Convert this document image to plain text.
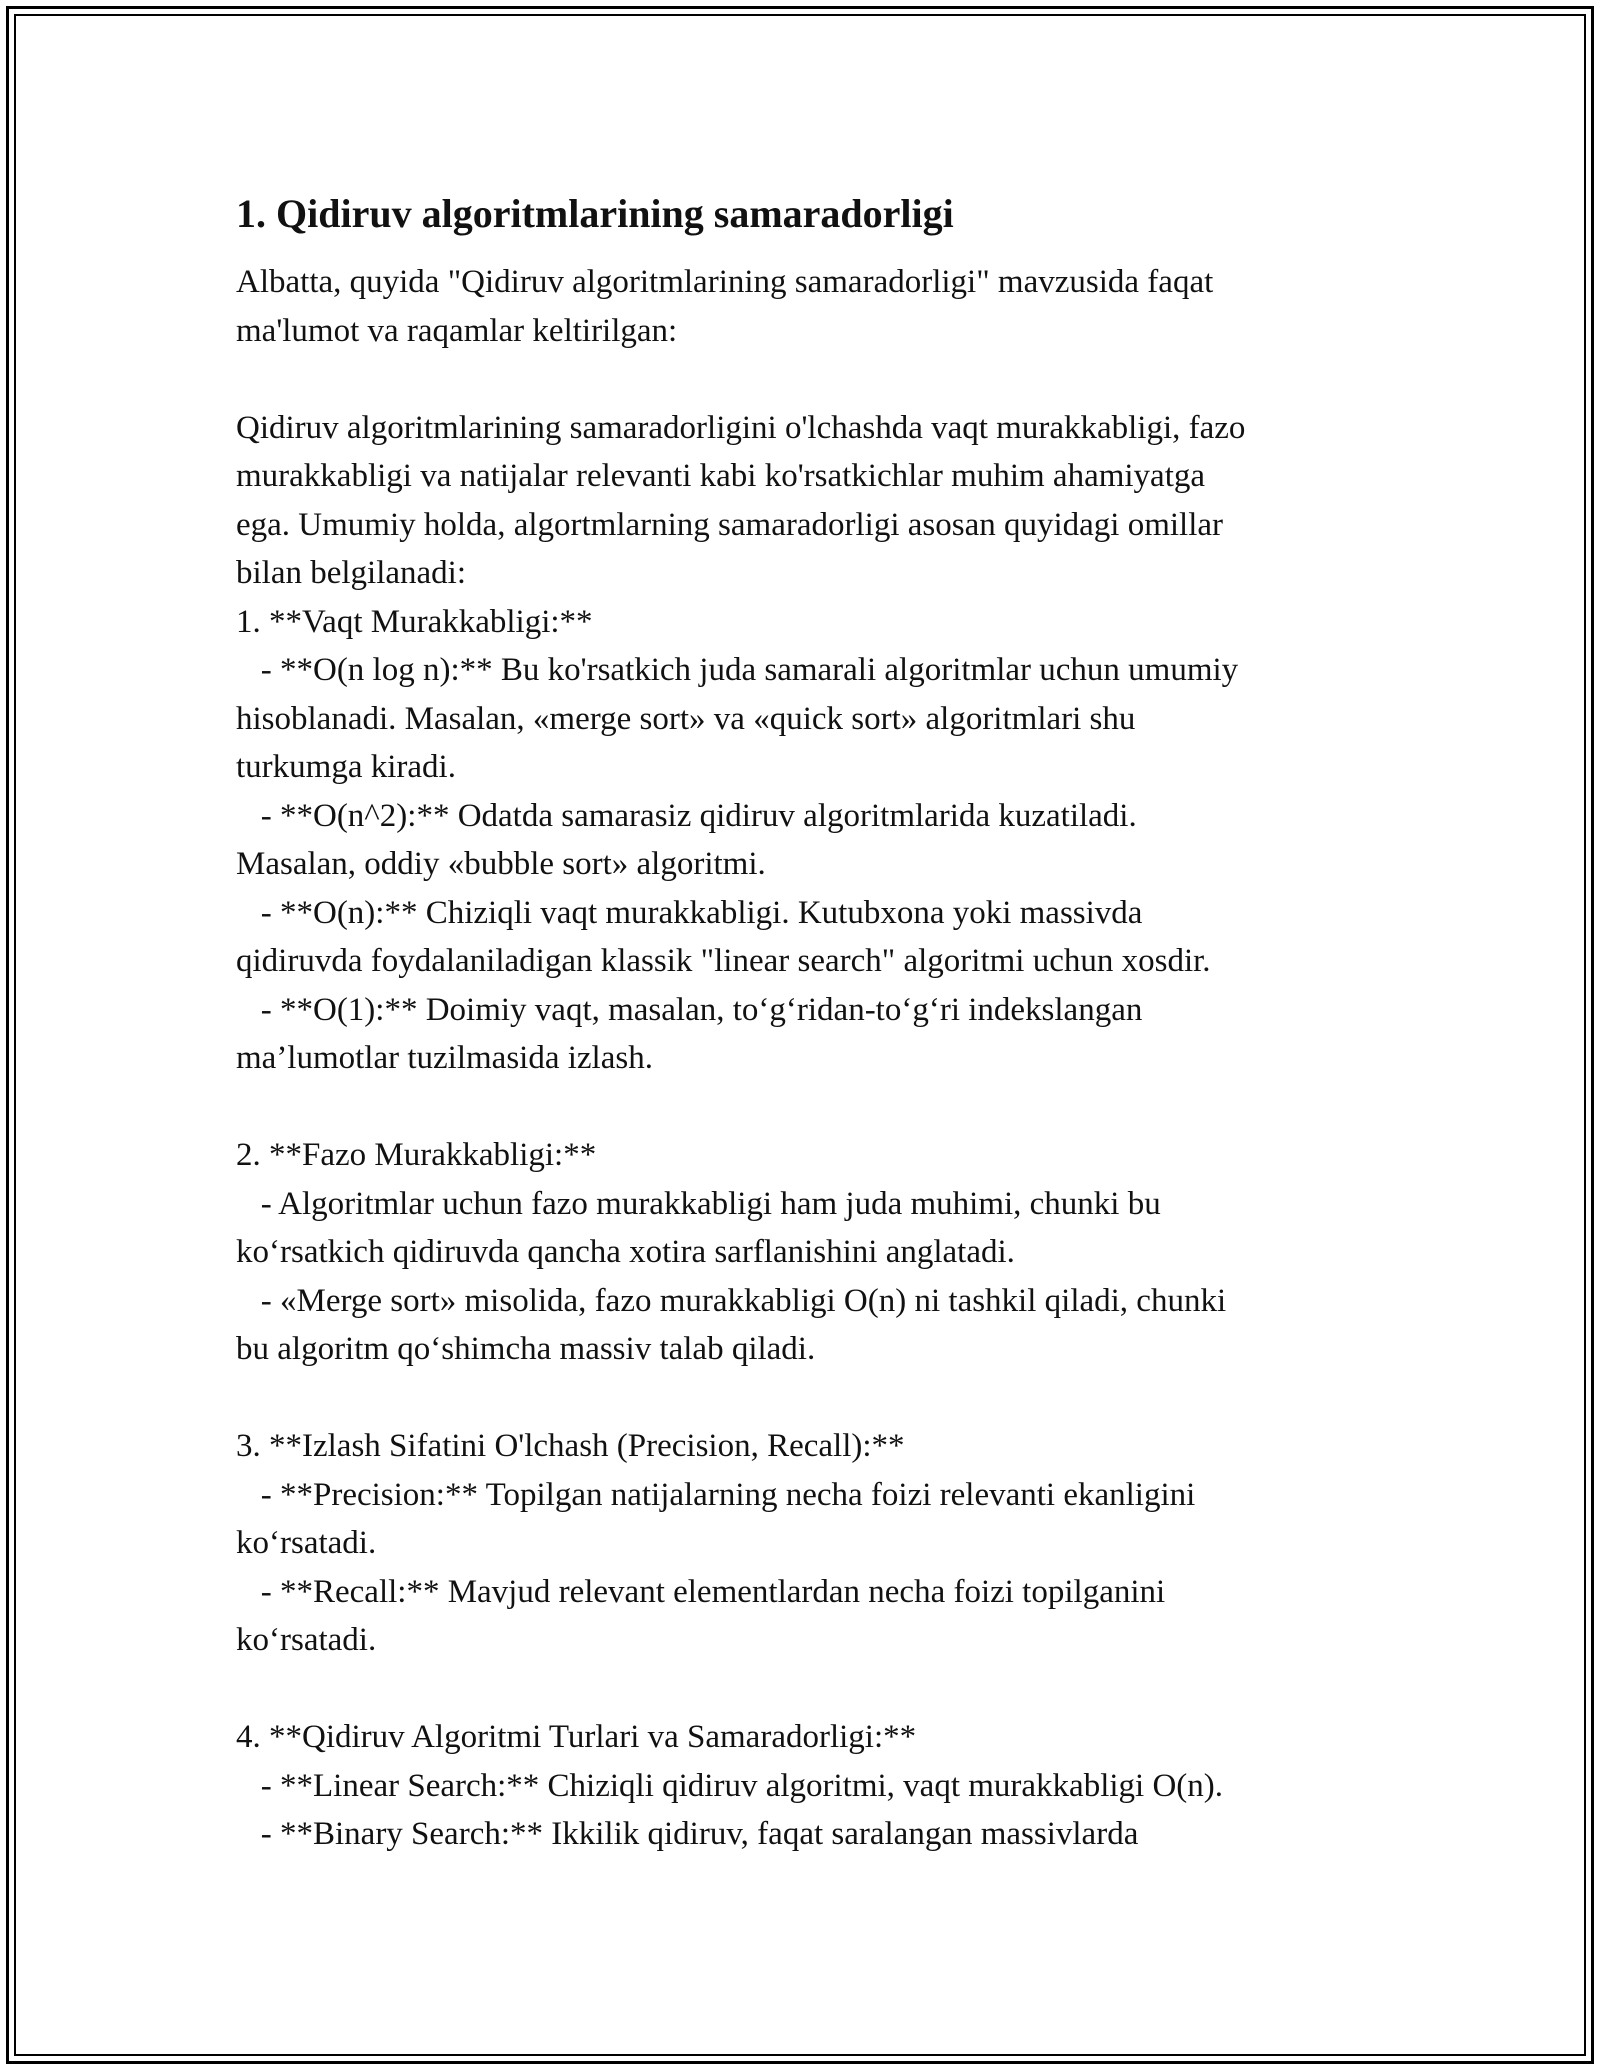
1. Qidiruv algoritmlarining samaradorligi
Albatta, quyida "Qidiruv algoritmlarining samaradorligi" mavzusida faqat
ma'lumot va raqamlar keltirilgan:
Qidiruv algoritmlarining samaradorligini o'lchashda vaqt murakkabligi, fazo
murakkabligi va natijalar relevanti kabi ko'rsatkichlar muhim ahamiyatga
ega. Umumiy holda, algortmlarning samaradorligi asosan quyidagi omillar
bilan belgilanadi:
1. **Vaqt Murakkabligi:**
- **O(n log n):** Bu ko'rsatkich juda samarali algoritmlar uchun umumiy
hisoblanadi. Masalan, «merge sort» va «quick sort» algoritmlari shu
turkumga kiradi.
- **O(n^2):** Odatda samarasiz qidiruv algoritmlarida kuzatiladi.
Masalan, oddiy «bubble sort» algoritmi.
- **O(n):** Chiziqli vaqt murakkabligi. Kutubxona yoki massivda
qidiruvda foydalaniladigan klassik "linear search" algoritmi uchun xosdir.
- **O(1):** Doimiy vaqt, masalan, to‘g‘ridan-to‘g‘ri indekslangan
ma’lumotlar tuzilmasida izlash.
2. **Fazo Murakkabligi:**
- Algoritmlar uchun fazo murakkabligi ham juda muhimi, chunki bu
ko‘rsatkich qidiruvda qancha xotira sarflanishini anglatadi.
- «Merge sort» misolida, fazo murakkabligi O(n) ni tashkil qiladi, chunki
bu algoritm qo‘shimcha massiv talab qiladi.
3. **Izlash Sifatini O'lchash (Precision, Recall):**
- **Precision:** Topilgan natijalarning necha foizi relevanti ekanligini
ko‘rsatadi.
- **Recall:** Mavjud relevant elementlardan necha foizi topilganini
ko‘rsatadi.
4. **Qidiruv Algoritmi Turlari va Samaradorligi:**
- **Linear Search:** Chiziqli qidiruv algoritmi, vaqt murakkabligi O(n).
- **Binary Search:** Ikkilik qidiruv, faqat saralangan massivlarda
